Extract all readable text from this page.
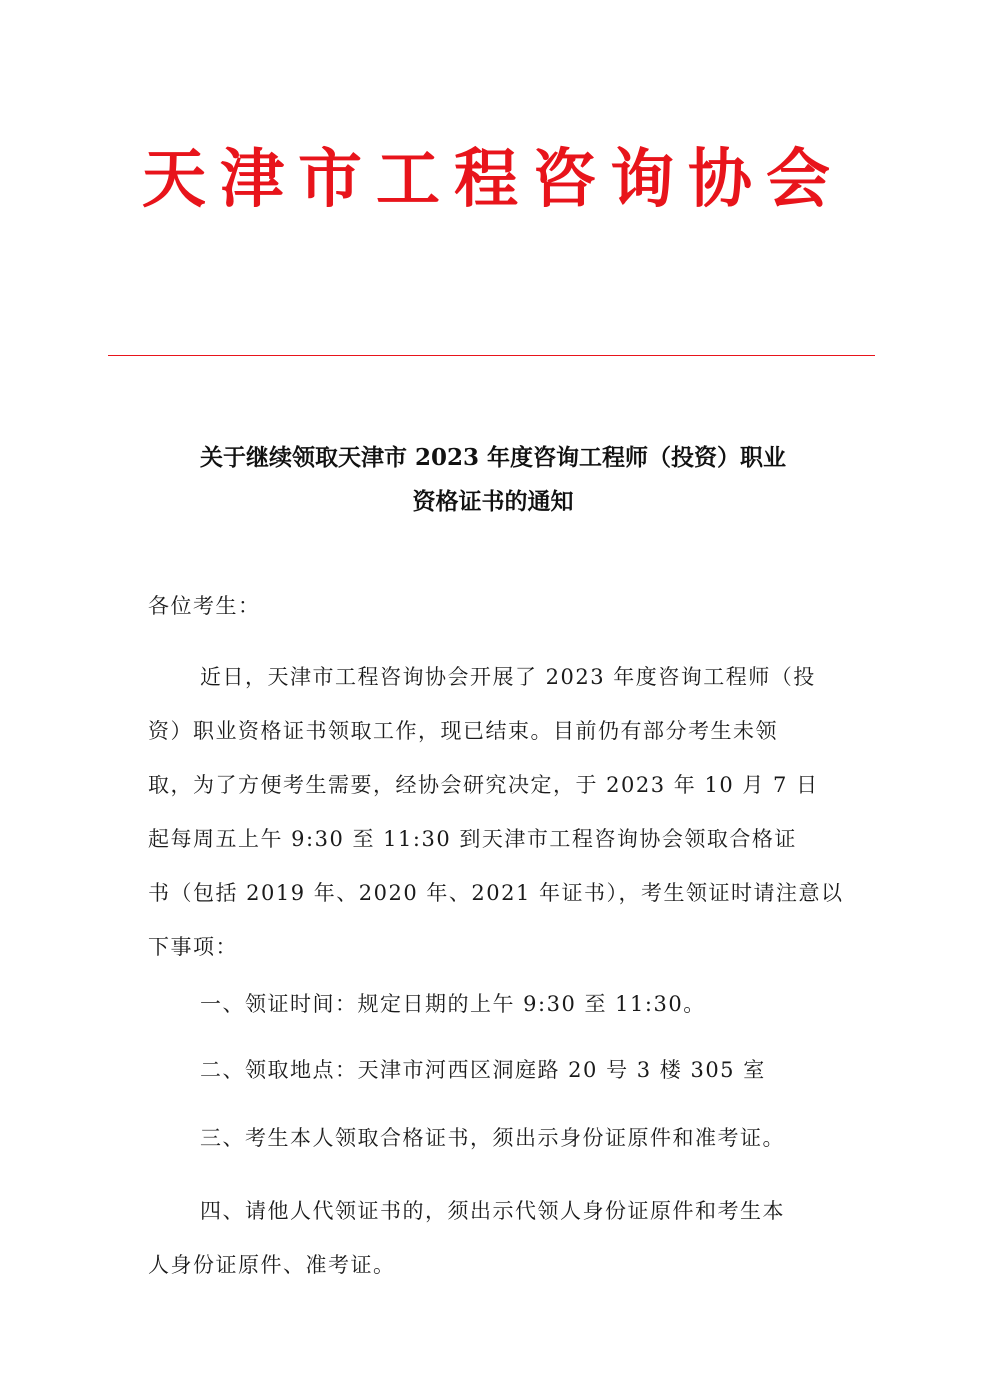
天津市工程咨询协会
关于继续领取天津市 2023 年度咨询工程师（投资）职业
资格证书的通知
各位考生：
近日，天津市工程咨询协会开展了 2023 年度咨询工程师（投
资）职业资格证书领取工作，现已结束。目前仍有部分考生未领
取，为了方便考生需要，经协会研究决定，于 2023 年 10 月 7 日
起每周五上午 9:30 至 11:30 到天津市工程咨询协会领取合格证
书（包括 2019 年、2020 年、2021 年证书），考生领证时请注意以
下事项：
一、领证时间：规定日期的上午 9:30 至 11:30。
二、领取地点：天津市河西区洞庭路 20 号 3 楼 305 室
三、考生本人领取合格证书，须出示身份证原件和准考证。
四、请他人代领证书的，须出示代领人身份证原件和考生本
人身份证原件、准考证。
